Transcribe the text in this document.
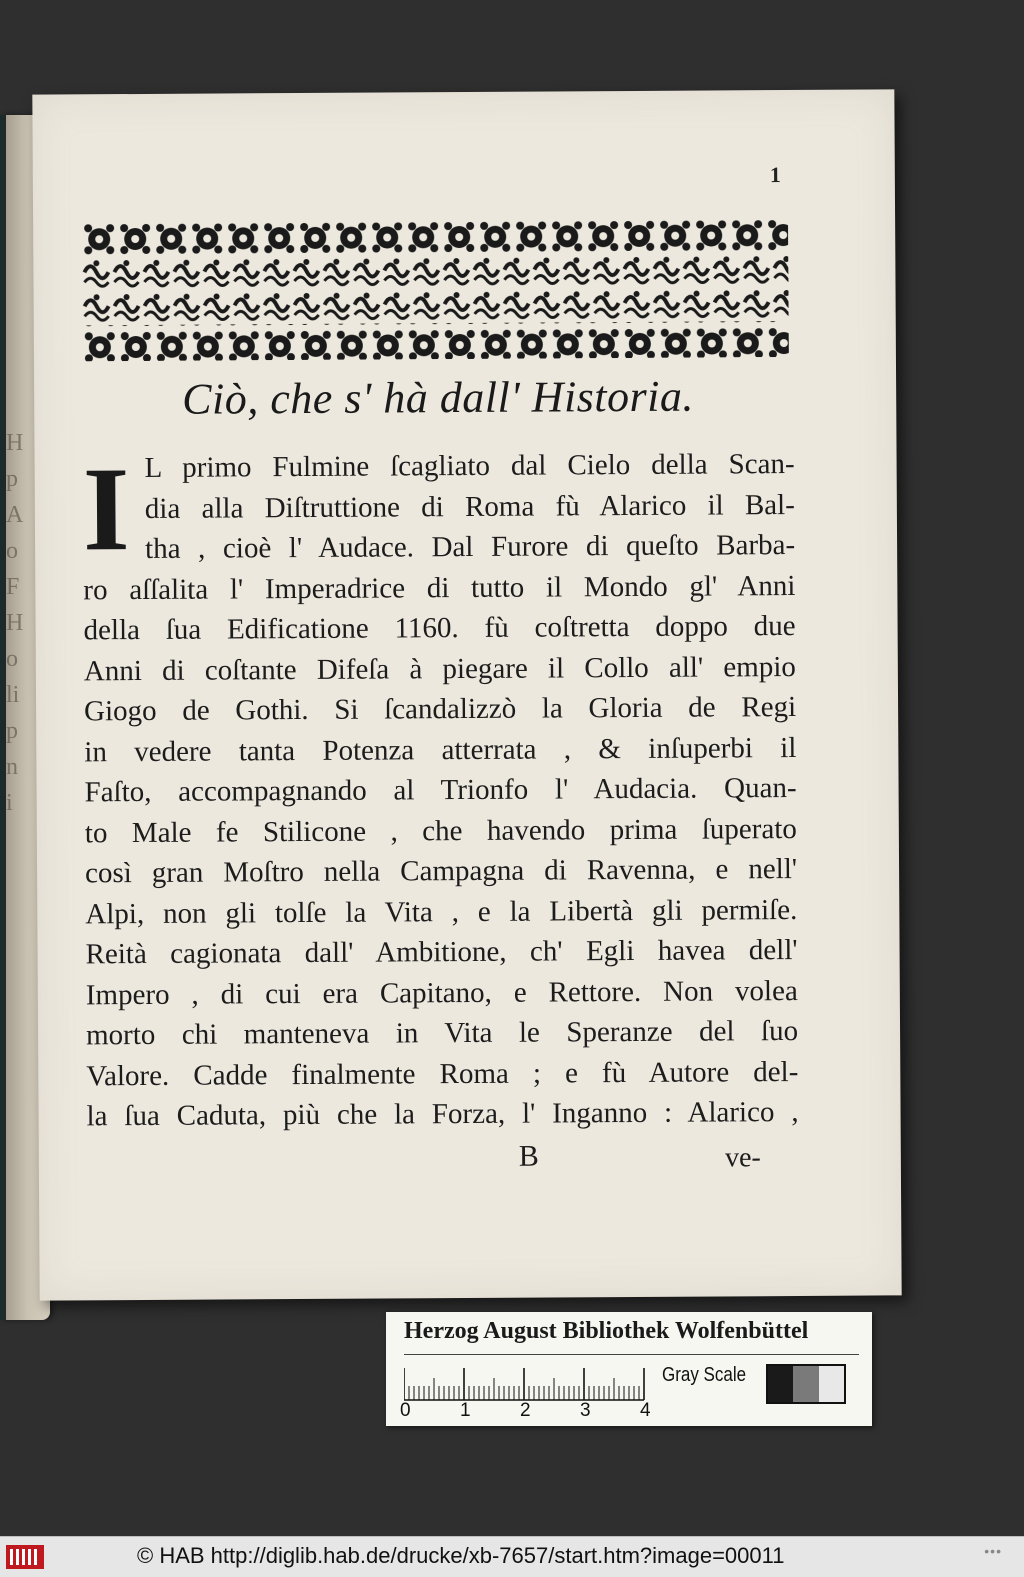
H
p
A
o
F
H
o
li
p
n
i
1
Ciò, che s' hà dall' Historia.
I L primo Fulmine ſcagliato dal Cielo della Scan-
dia alla Diſtruttione di Roma fù Alarico il Bal-
tha , cioè l' Audace. Dal Furore di queſto Barba-
ro aſſalita l' Imperadrice di tutto il Mondo gl' Anni
della ſua Edificatione 1160. fù coſtretta doppo due
Anni di coſtante Difeſa à piegare il Collo all' empio
Giogo de Gothi. Si ſcandalizzò la Gloria de Regi
in vedere tanta Potenza atterrata , & inſuperbi il
Faſto, accompagnando al Trionfo l' Audacia. Quan-
to Male fe Stilicone , che havendo prima ſuperato
così gran Moſtro nella Campagna di Ravenna, e nell'
Alpi, non gli tolſe la Vita , e la Libertà gli permiſe.
Reità cagionata dall' Ambitione, ch' Egli havea dell'
Impero , di cui era Capitano, e Rettore. Non volea
morto chi manteneva in Vita le Speranze del ſuo
Valore. Cadde finalmente Roma ; e fù Autore del-
la ſua Caduta, più che la Forza, l' Inganno : Alarico ,
B	ve-
Herzog August Bibliothek Wolfenbüttel
0	1	2	3	4
Gray Scale
© HAB http://diglib.hab.de/drucke/xb-7657/start.htm?image=00011	•••
